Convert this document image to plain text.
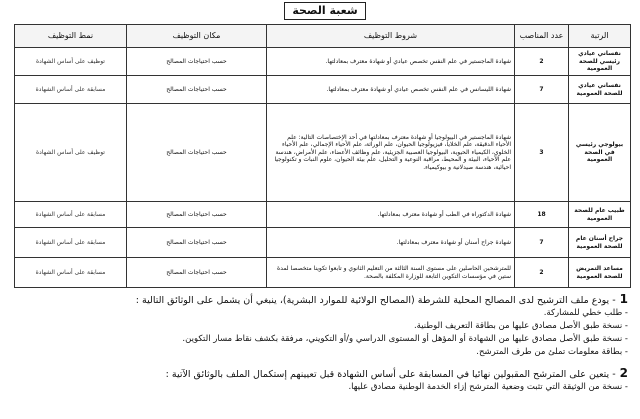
شعبة الصحة
الرتبة	عدد المناصب	شروط التوظيف	مكان التوظيف	نمط التوظيف
نفساني عيادي رئيسي للصحة العمومية	2	شهادة الماجستير في علم النفس تخصص عيادي أو شهادة معترف بمعادلتها.	حسب احتياجات المصالح	توظيف على أساس الشهادة
نفساني عيادي للصحة العمومية	7	شهادة الليسانس في علم النفس تخصص عيادي أو شهادة معترف بمعادلتها.	حسب احتياجات المصالح	مسابقة على أساس الشهادة
بيولوجي رئيسي في الصحة العمومية	3	شهادة الماجستير في البيولوجيا أو شهادة معترف بمعادلتها في أحد الإختصاصات التالية: علم الأحياء الدقيقة، علم الخلايا، فيزيولوجيا الحيوان، علم الوراثة، علم الأحياء الإجمالي، علم الأحياء الخلوي، الكيمياء الحيوية، البيولوجيا العصبية الجزيئية، علم وظائف الأعضاء، علم الأمراض، هندسة علم الأحياء، البيئة و المحيط، مراقبة النوعية و التحليل، علم بيئة الحيوان، علوم النبات و تكنولوجيا احيائية، هندسة صيدلانية و بيوكيمياء.	حسب احتياجات المصالح	توظيف على أساس الشهادة
طبيب عام للصحة العمومية	18	شهادة الدكتوراه في الطب أو شهادة معترف بمعادلتها.	حسب احتياجات المصالح	مسابقة على أساس الشهادة
جراح أسنان عام للصحة العمومية	7	شهادة جراح أسنان أو شهادة معترف بمعادلتها.	حسب احتياجات المصالح	مسابقة على أساس الشهادة
مساعد التمريض للصحة العمومية	2	للمترشحين الحاصلين على مستوى السنة الثالثة من التعليم الثانوي و تابعوا تكوينا متخصصا لمدة ستين في مؤسسات التكوين التابعة للوزارة المكلفة بالصحة.	حسب احتياجات المصالح	مسابقة على أساس الشهادة

1- يودع ملف الترشيح لدى المصالح المحلية للشرطة (المصالح الولائية للموارد البشرية)، ينبغي أن يشمل على الوثائق التالية :

- طلب خطي للمشاركة.

- نسخة طبق الأصل مصادق عليها من بطاقة التعريف الوطنية.

- نسخة طبق الأصل مصادق عليها من الشهادة أو المؤهل أو المستوى الدراسي و/أو التكويني، مرفقة بكشف نقاط مسار التكوين.

- بطاقة معلومات تملئ من طرف المترشح.

2- يتعين على المترشح المقبولين نهائيا في المسابقة على أساس الشهادة قبل تعيينهم إستكمال الملف بالوثائق الآتية :

- نسخة من الوثيقة التي تثبت وضعية المترشح إزاء الخدمة الوطنية مصادق عليها.
